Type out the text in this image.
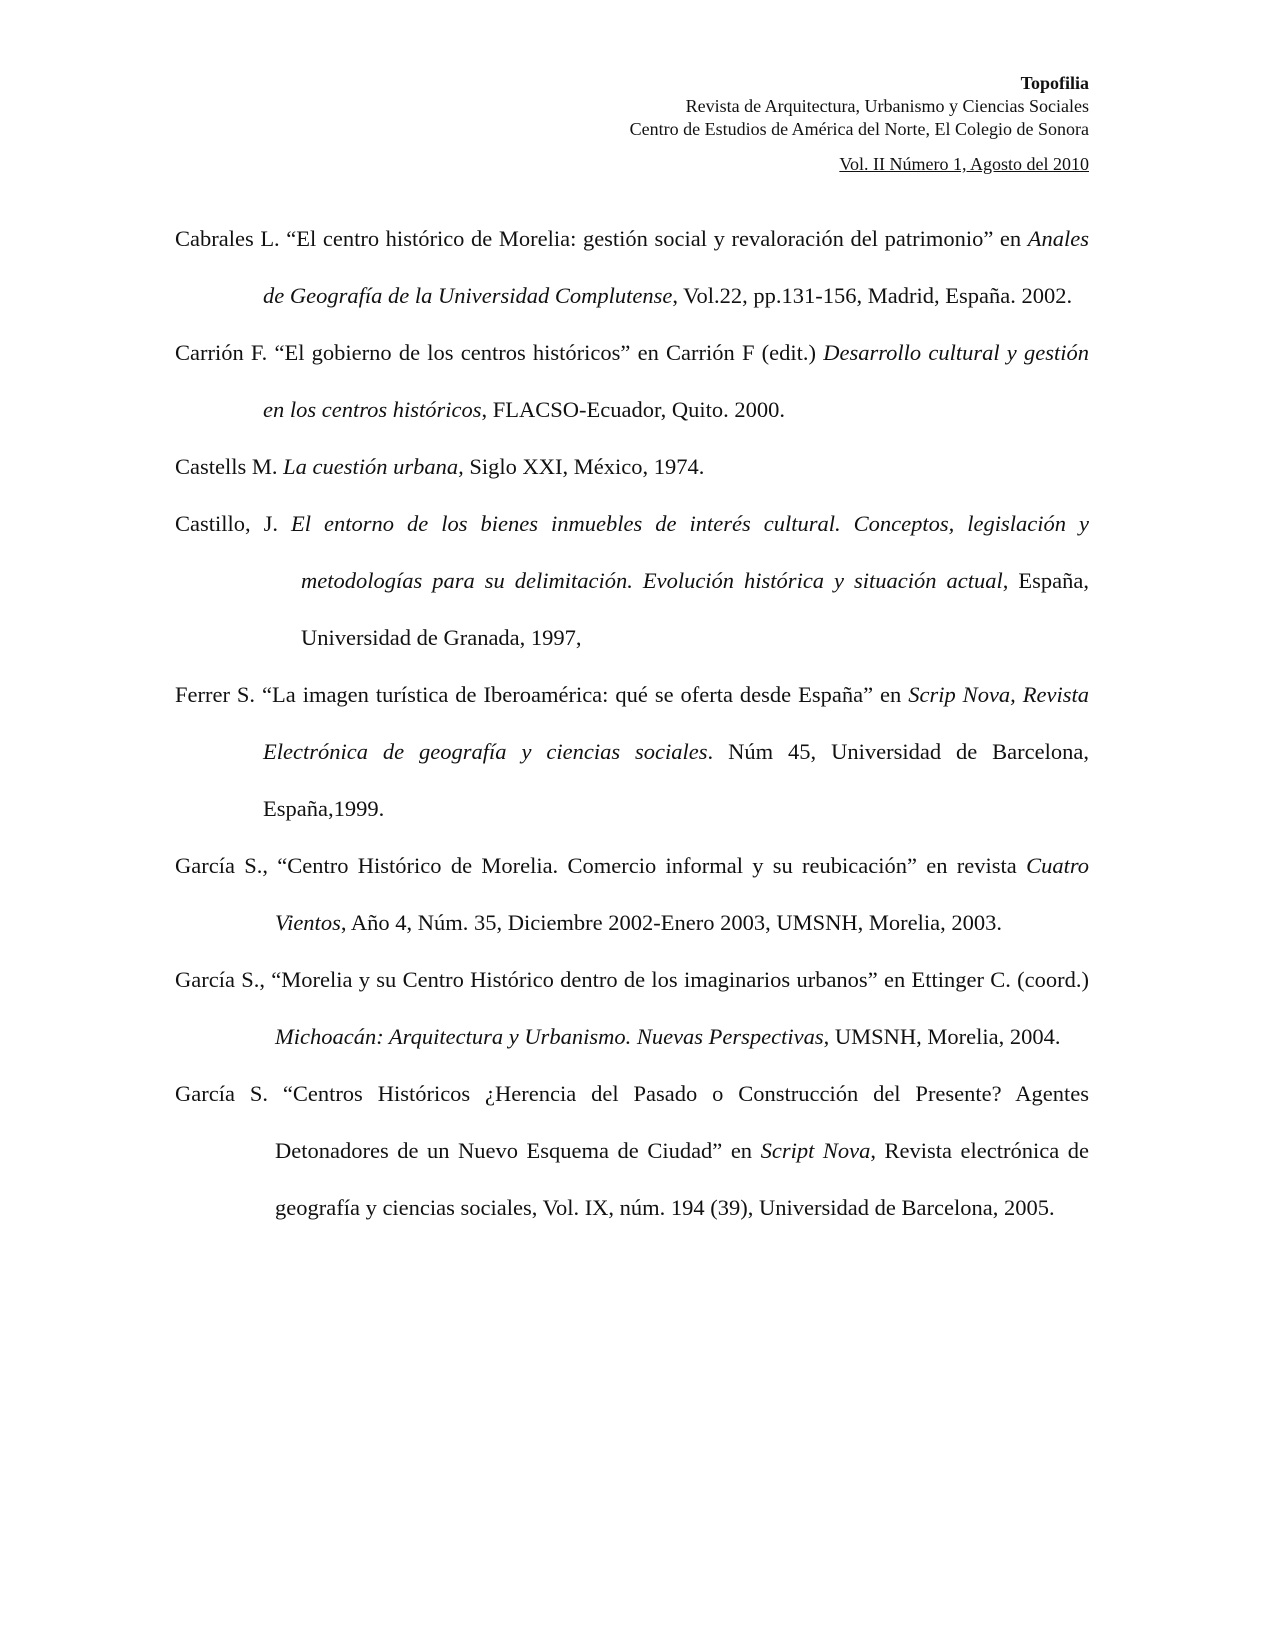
Topofilia
Revista de Arquitectura, Urbanismo y Ciencias Sociales
Centro de Estudios de América del Norte, El Colegio de Sonora
Vol. II Número 1, Agosto del 2010
Cabrales L. “El centro histórico de Morelia: gestión social y revaloración del patrimonio” en Anales de Geografía de la Universidad Complutense, Vol.22, pp.131-156, Madrid, España. 2002.
Carrión F. “El gobierno de los centros históricos” en Carrión F (edit.) Desarrollo cultural y gestión en los centros históricos, FLACSO-Ecuador, Quito. 2000.
Castells M. La cuestión urbana, Siglo XXI, México, 1974.
Castillo, J. El entorno de los bienes inmuebles de interés cultural. Conceptos, legislación y metodologías para su delimitación. Evolución histórica y situación actual, España, Universidad de Granada, 1997,
Ferrer S. “La imagen turística de Iberoamérica: qué se oferta desde España” en Scrip Nova, Revista Electrónica de geografía y ciencias sociales. Núm 45, Universidad de Barcelona, España,1999.
García S., “Centro Histórico de Morelia. Comercio informal y su reubicación” en revista Cuatro Vientos, Año 4, Núm. 35, Diciembre 2002-Enero 2003, UMSNH, Morelia, 2003.
García S., “Morelia y su Centro Histórico dentro de los imaginarios urbanos” en Ettinger C. (coord.) Michoacán: Arquitectura y Urbanismo. Nuevas Perspectivas, UMSNH, Morelia, 2004.
García S. “Centros Históricos ¿Herencia del Pasado o Construcción del Presente? Agentes Detonadores de un Nuevo Esquema de Ciudad” en Script Nova, Revista electrónica de geografía y ciencias sociales, Vol. IX, núm. 194 (39), Universidad de Barcelona, 2005.
